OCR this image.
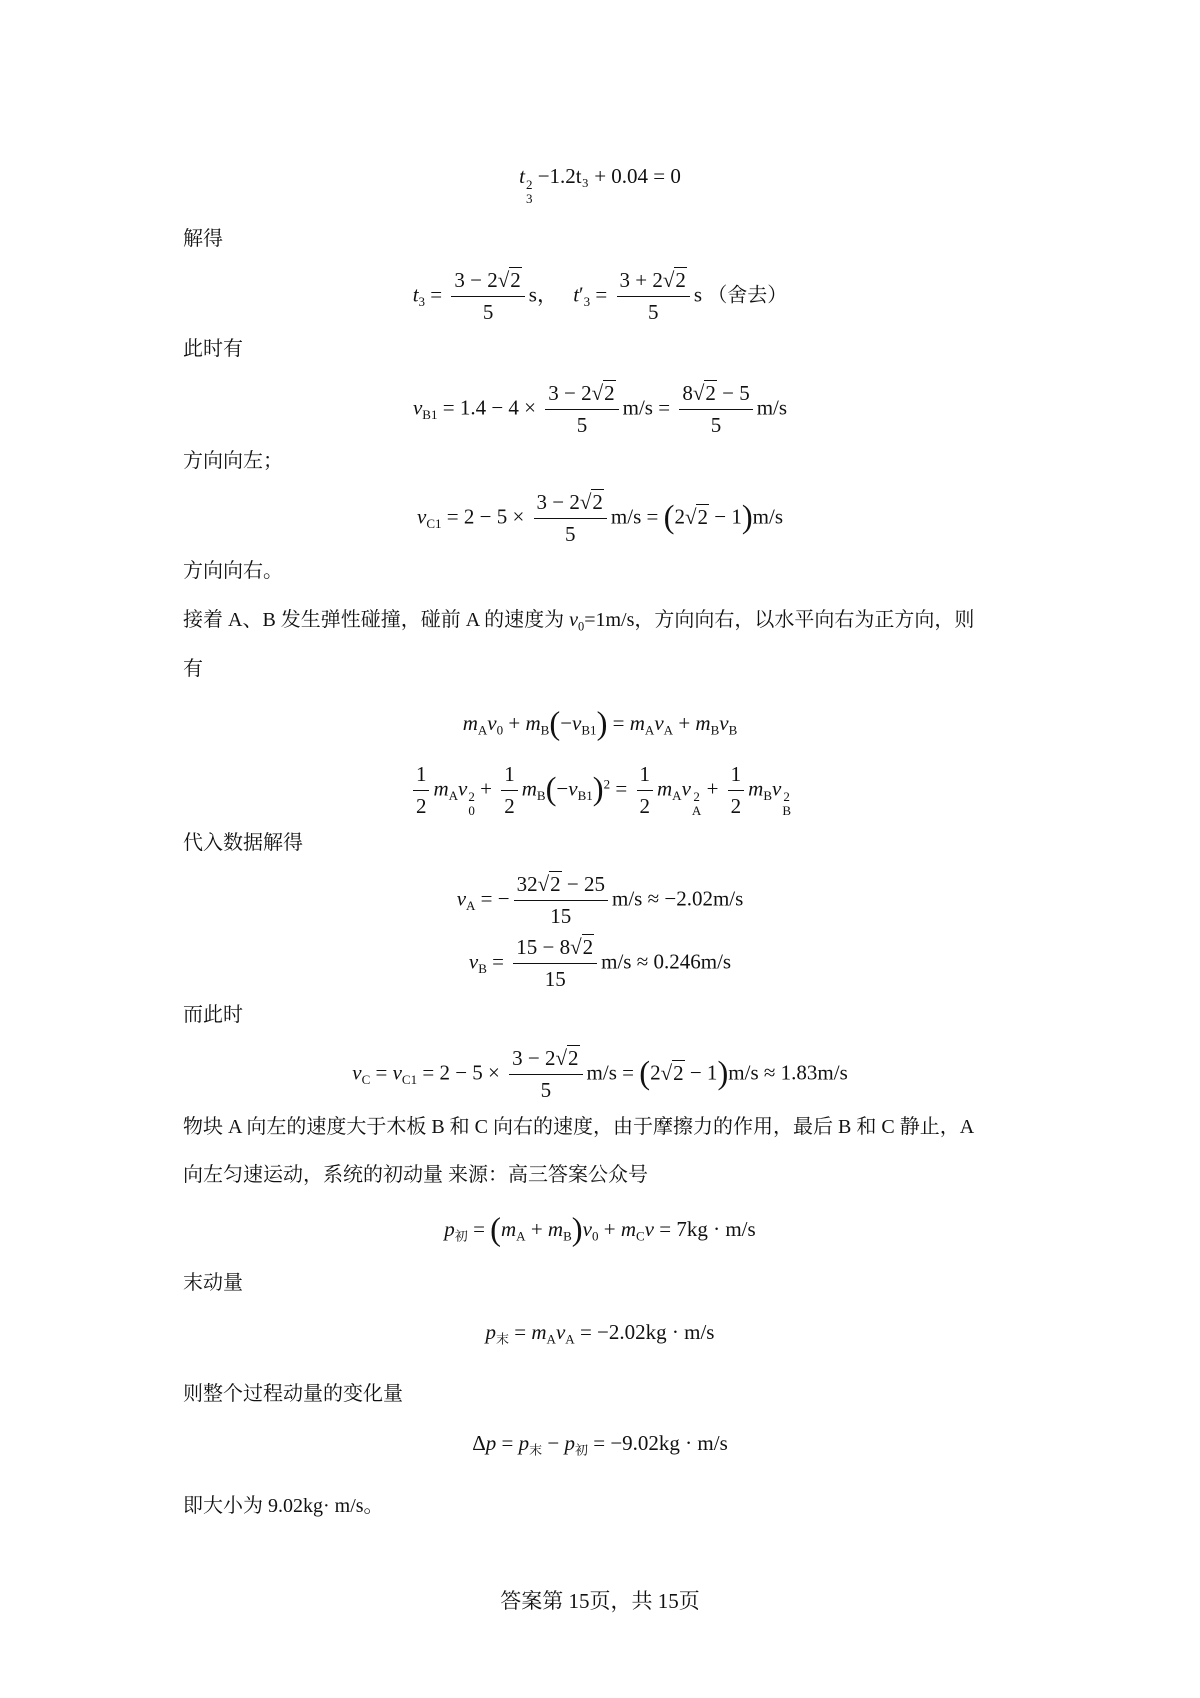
t 2
3
−1.2t₃ + 0.04 = 0
解得
$t_3 = \frac{3 - 2√2}{5}$ s， $t'_3 = \frac{3 + 2√2}{5}$ s （舍去）
此时有
$v_{B1} = 1.4 - 4 \times \frac{3 - 2√2}{5} m/s = \frac{8√2 - 5}{5} m/s$
方向向左；
$v_{C1} = 2 - 5 \times \frac{3 - 2√2}{5} m/s = (2√2 - 1)m/s$
方向向右。
接着 A、B 发生弹性碰撞，碰前 A 的速度为 $v_0=1m/s$，方向向右，以水平向右为正方向，则
有
$m_Av_0 + m_B(-v_{B1}) = m_Av_A + m_Bv_B$
$\frac{1}{2} m_Av$ 2
0
+ $\frac{1}{2} m_B(-v_{B1})^2 = \frac{1}{2} m_Av$ 2
A
+ $\frac{1}{2} m_Bv$ 2
B
代入数据解得
$v_A$ = − $\frac{32√2 - 25}{15} m/s \approx -2.02m/s$
$v_B = \frac{15 - 8√2}{15} m/s \approx 0.246m/s$
而此时
$v_C = v_{C1} = 2 - 5 \times \frac{3 - 2√2}{5} m/s = (2√2 - 1)m/s \approx 1.83m/s$
物块 A 向左的速度大于木板 B 和 C 向右的速度，由于摩擦力的作用，最后 B 和 C 静止，A
向左匀速运动，系统的初动量 来源：高三答案公众号
$p_初 = (m_A + m_B)v_0 + m_Cv = 7kg \cdot m/s$
末动量
$p_末 = m_Av_A = -2.02kg \cdot m/s$
则整个过程动量的变化量
$\Delta p = p_末 - p_初 = -9.02kg \cdot m/s$
即大小为 9.02kg· m/s。
答案第 15页，共 15页
